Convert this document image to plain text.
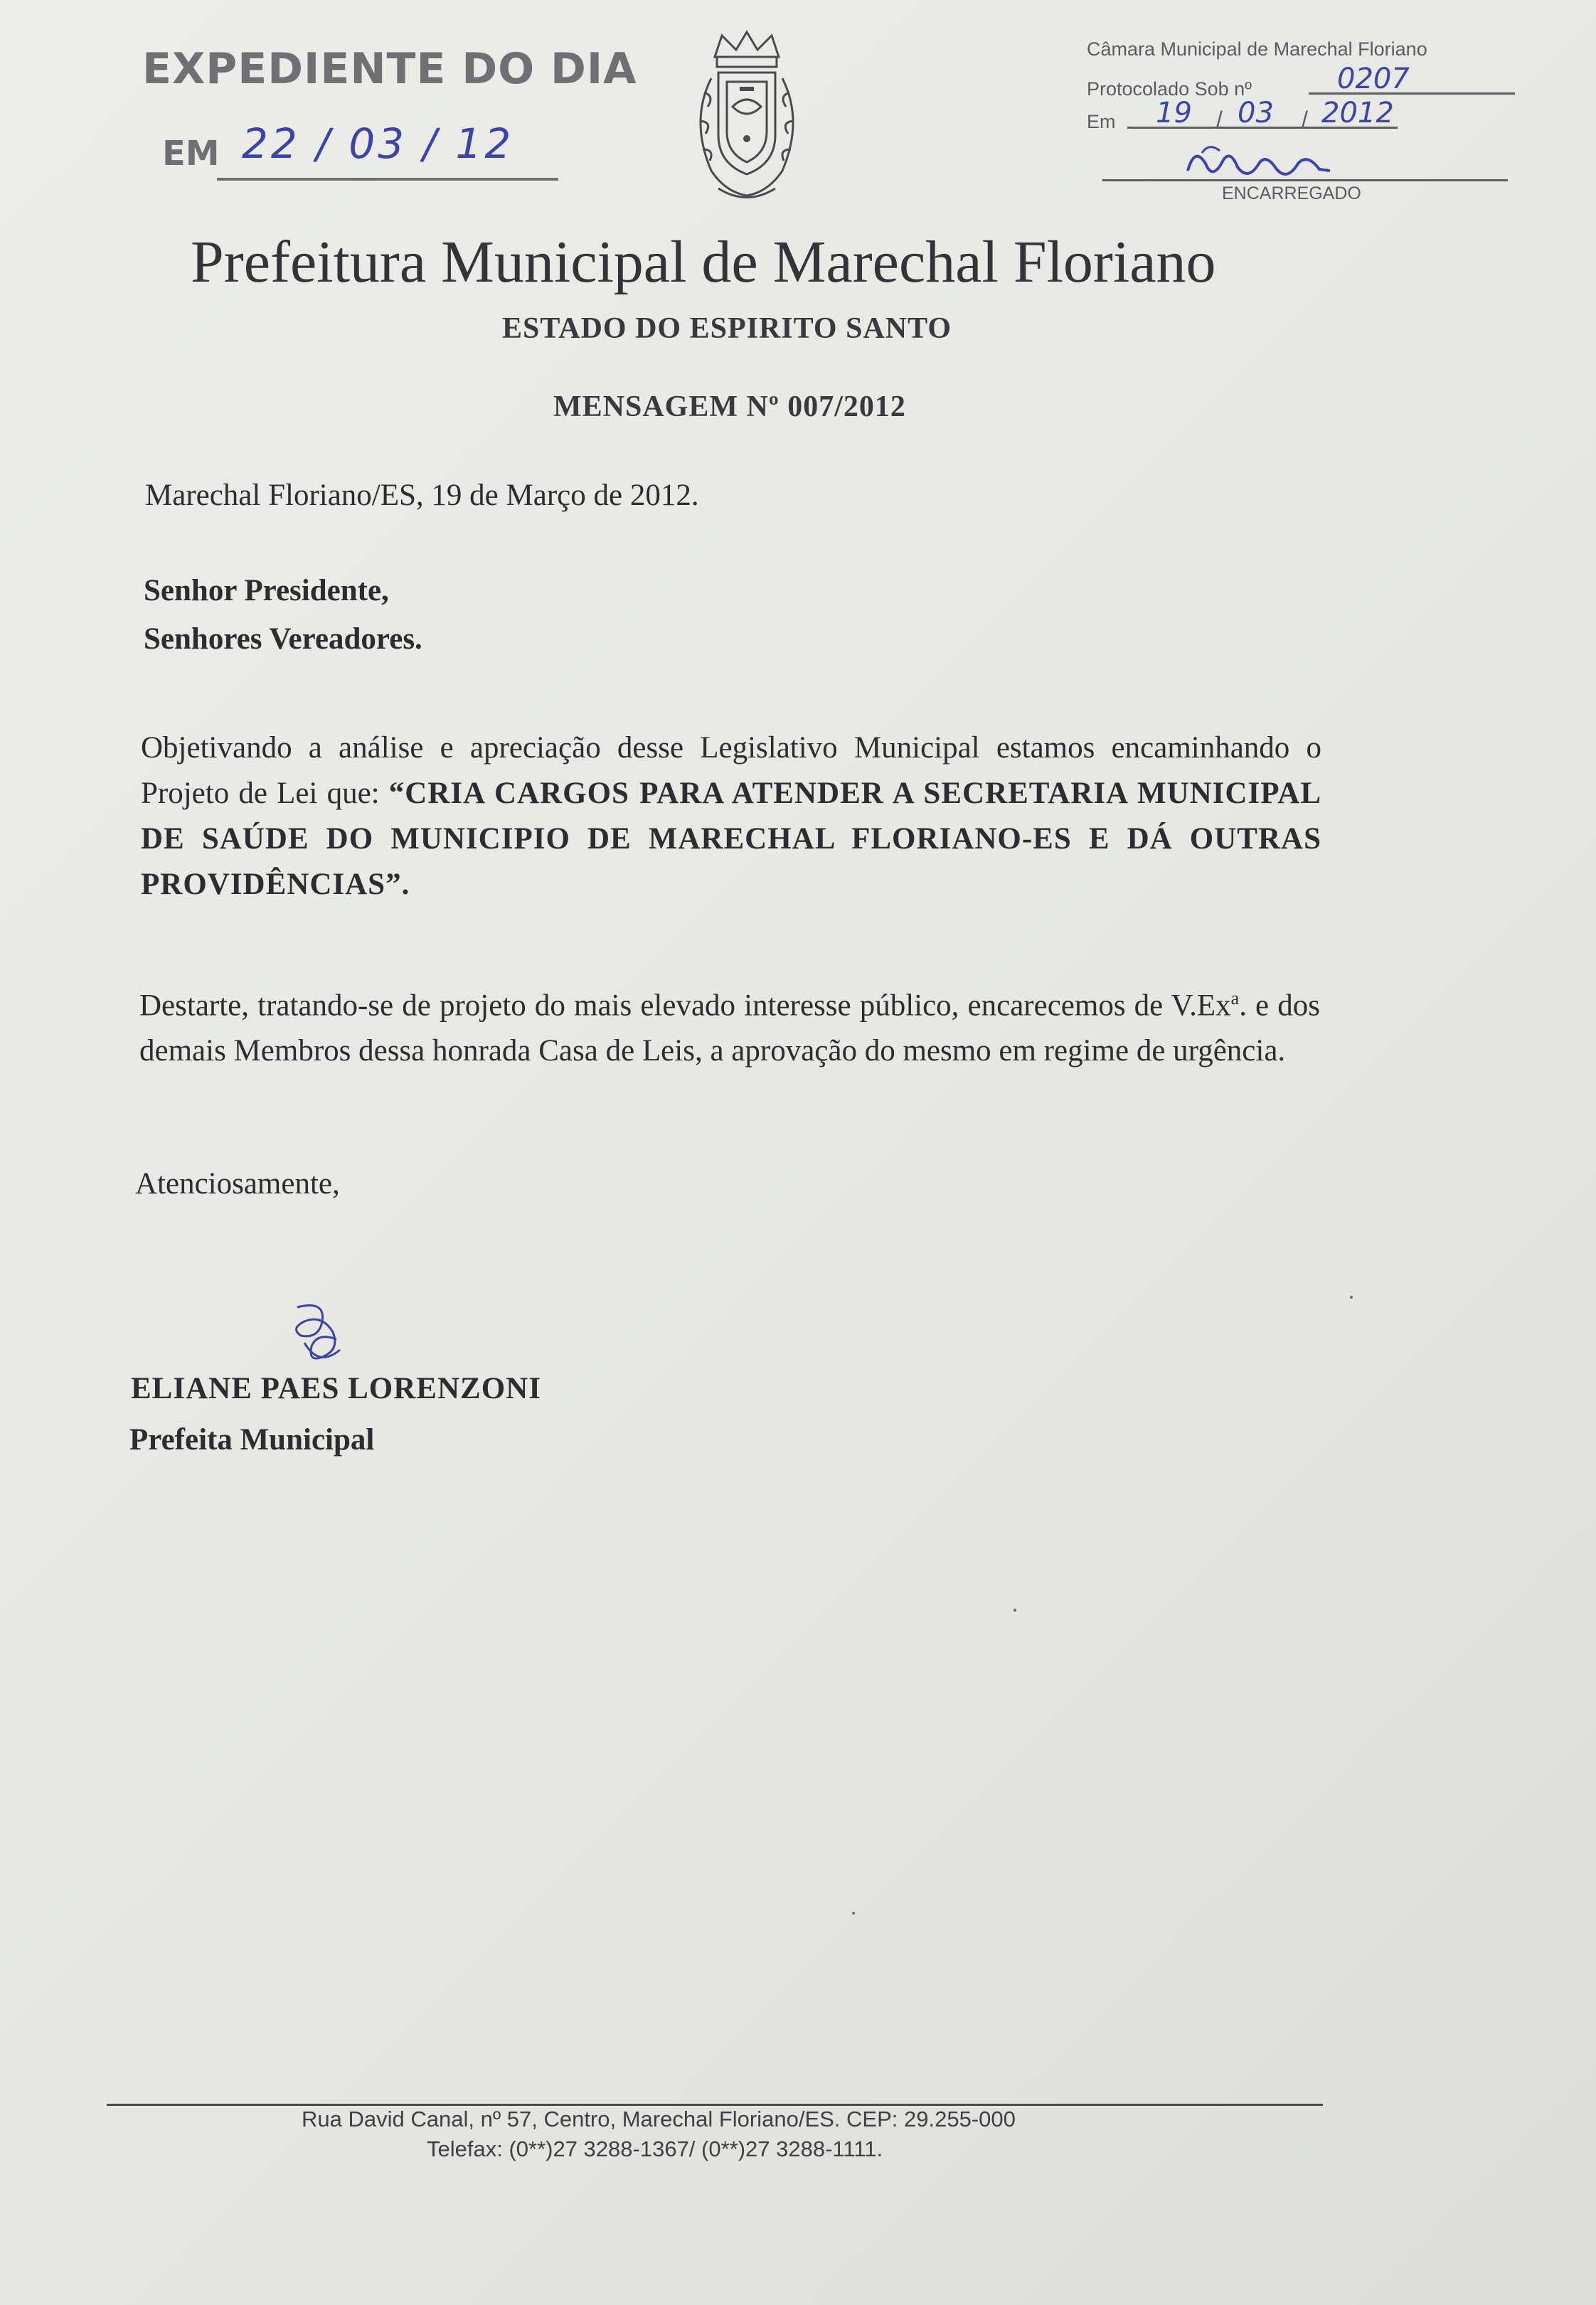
EXPEDIENTE DO DIA
EM 22 / 03 / 12
Câmara Municipal de Marechal Floriano
Protocolado Sob nº	0207
Em 19 / 03 / 2012
ENCARREGADO
Prefeitura Municipal de Marechal Floriano
ESTADO DO ESPIRITO SANTO
MENSAGEM Nº 007/2012
Marechal Floriano/ES, 19 de Março de 2012.
Senhor Presidente,
Senhores Vereadores.
Objetivando a análise e apreciação desse Legislativo Municipal estamos encaminhando o Projeto de Lei que: “CRIA CARGOS PARA ATENDER A SECRETARIA MUNICIPAL DE SAÚDE DO MUNICIPIO DE MARECHAL FLORIANO-ES E DÁ OUTRAS PROVIDÊNCIAS”.
Destarte, tratando-se de projeto do mais elevado interesse público, encarecemos de V.Ex$^a$. e dos demais Membros dessa honrada Casa de Leis, a aprovação do mesmo em regime de urgência.
Atenciosamente,
ELIANE PAES LORENZONI
Prefeita Municipal
Rua David Canal, nº 57, Centro, Marechal Floriano/ES. CEP: 29.255-000
Telefax: (0**)27 3288-1367/ (0**)27 3288-1111.
